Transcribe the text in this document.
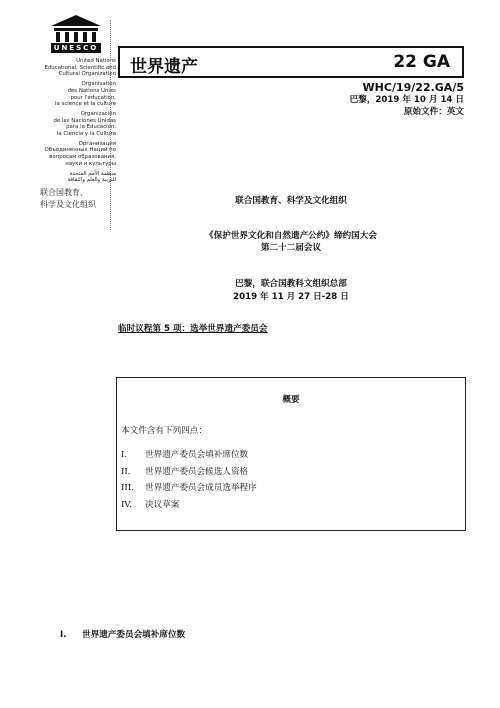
UNESCO
United Nations
Educational, Scientific and
Cultural Organization
Organisation
des Nations Unies
pour l'éducation,
la science et la culture
Organización
de las Naciones Unidas
para la Educación,
la Ciencia y la Cultura
Организация
Объединенных Наций по
вопросам образования,
науки и культуры
منظمة الأمم المتحدة
للتربية والعلم والثقافة
联合国教育、
科学及文化组织
世界遗产	22 GA
WHC/19/22.GA/5
巴黎，2019 年 10 月 14 日
原始文件：英文
联合国教育、科学及文化组织
《保护世界文化和自然遗产公约》缔约国大会
第二十二届会议
巴黎，联合国教科文组织总部
2019 年 11 月 27 日-28 日
临时议程第 5 项：选举世界遗产委员会
概要
本文件含有下列四点：
I. 世界遗产委员会填补席位数
II. 世界遗产委员会候选人资格
III. 世界遗产委员会成员选举程序
IV. 决议草案
I. 世界遗产委员会填补席位数
